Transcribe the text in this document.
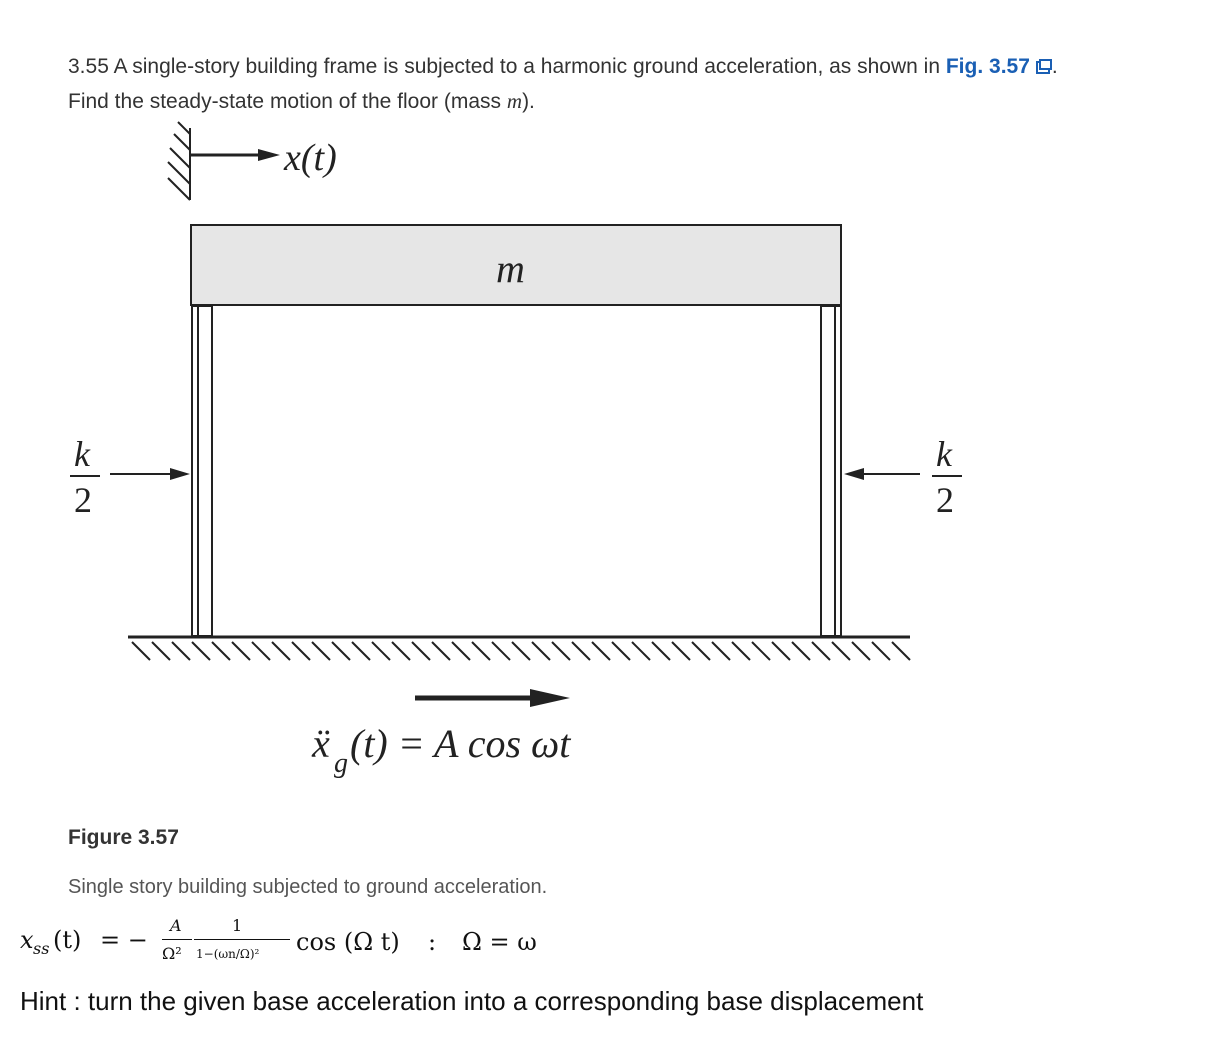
3.55 A single-story building frame is subjected to a harmonic ground acceleration, as shown in Fig. 3.57 .
Find the steady-state motion of the floor (mass m).
x(t)
m
k
2
k
2
ẍ g (t) = A cos ωt
Figure 3.57
Single story building subjected to ground acceleration.
x ss (t) = −
A
Ω²
1
1−(ωn/Ω)² cos (Ω t) : Ω = ω
Hint : turn the given base acceleration into a corresponding base displacement
